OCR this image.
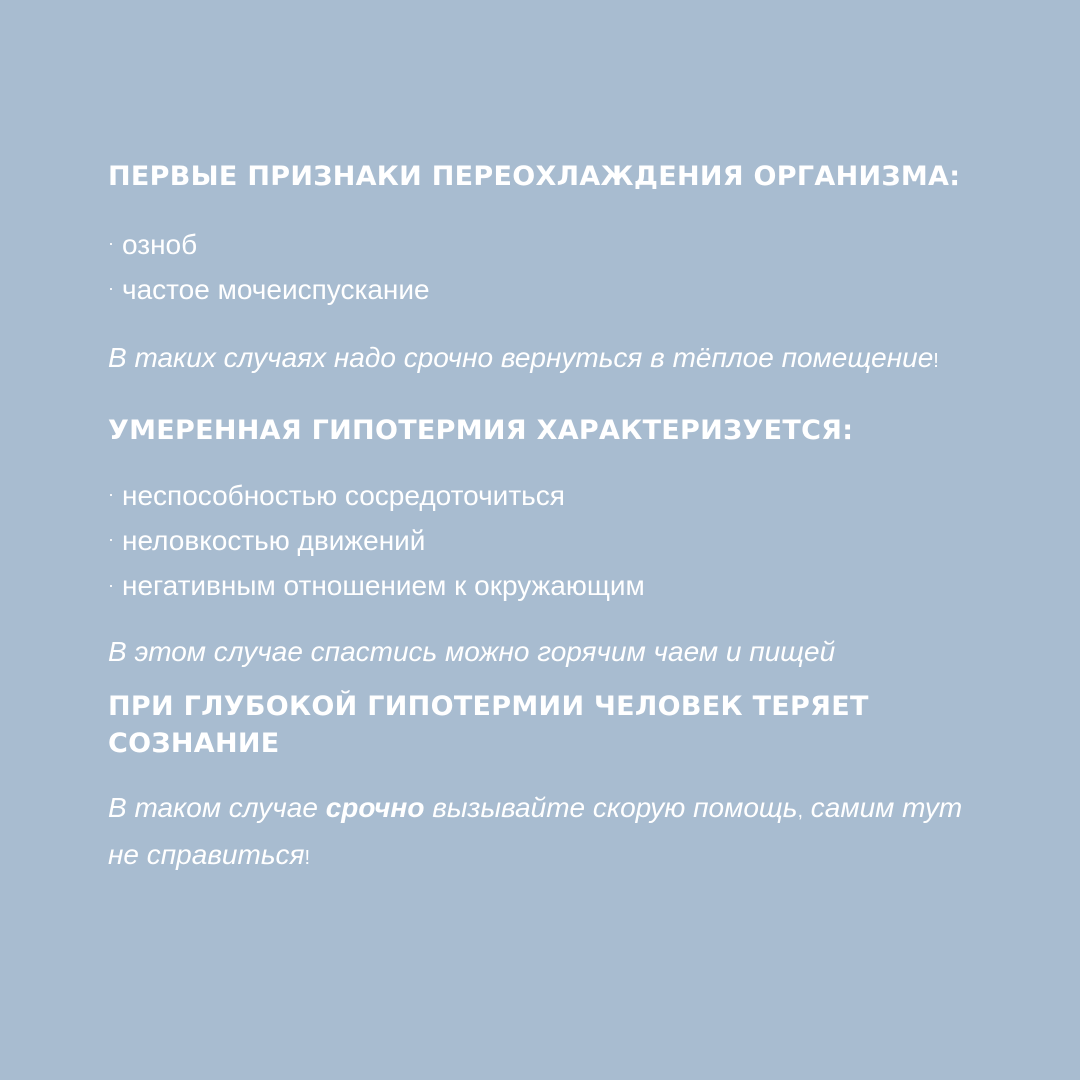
ПЕРВЫЕ ПРИЗНАКИ ПЕРЕОХЛАЖДЕНИЯ ОРГАНИЗМА:
· озноб
· частое мочеиспускание

В таких случаях надо срочно вернуться в тёплое помещение!

УМЕРЕННАЯ ГИПОТЕРМИЯ ХАРАКТЕРИЗУЕТСЯ:
· неспособностью сосредоточиться
· неловкостью движений
· негативным отношением к окружающим

В этом случае спастись можно горячим чаем и пищей

ПРИ ГЛУБОКОЙ ГИПОТЕРМИИ ЧЕЛОВЕК ТЕРЯЕТ СОЗНАНИЕ

В таком случае срочно вызывайте скорую помощь, самим тут не справиться!
